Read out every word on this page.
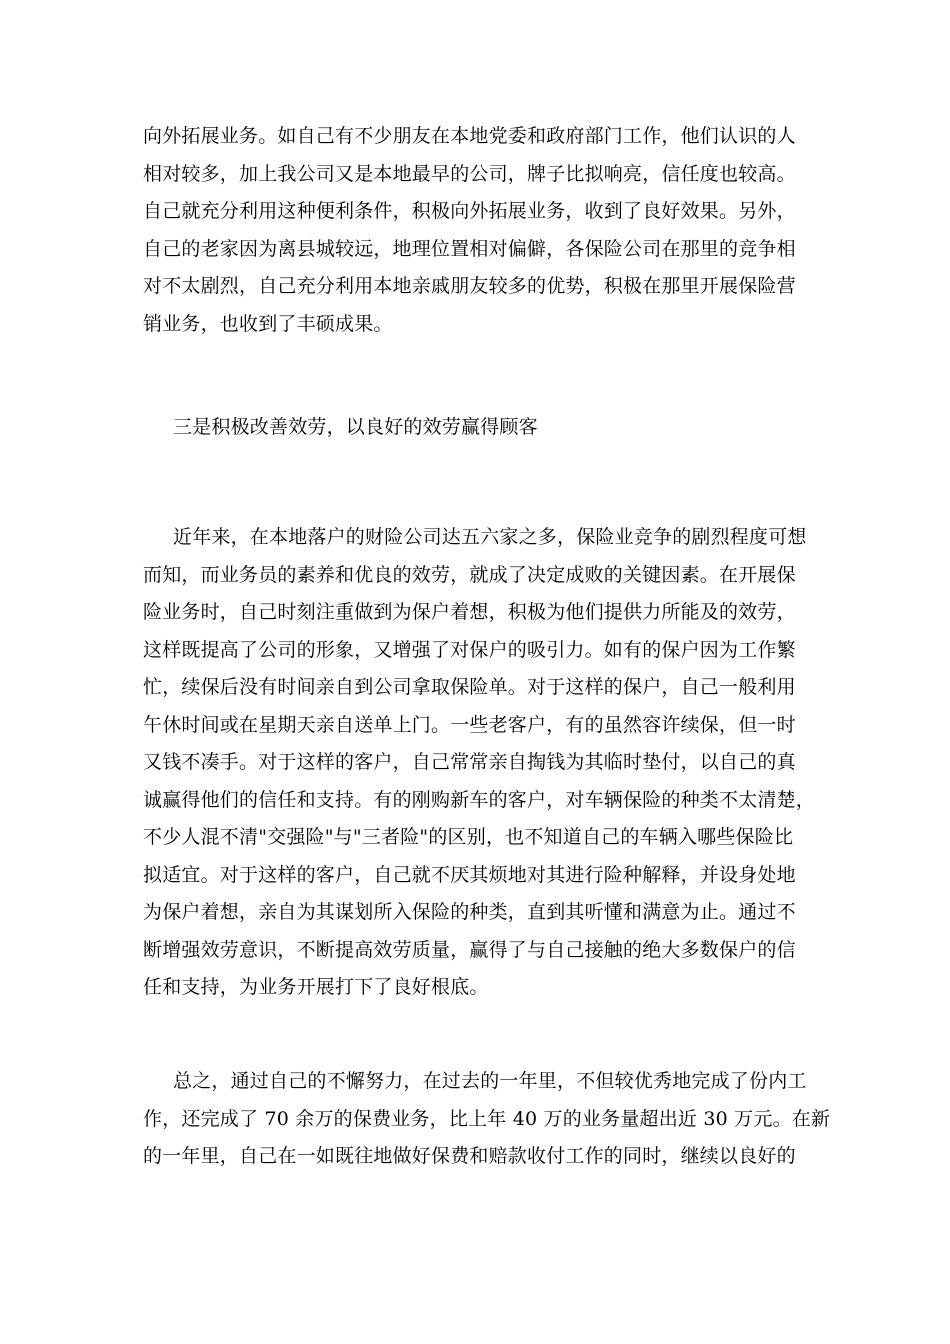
向外拓展业务。如自己有不少朋友在本地党委和政府部门工作，他们认识的人
相对较多，加上我公司又是本地最早的公司，牌子比拟响亮，信任度也较高。
自己就充分利用这种便利条件，积极向外拓展业务，收到了良好效果。另外，
自己的老家因为离县城较远，地理位置相对偏僻，各保险公司在那里的竞争相
对不太剧烈，自己充分利用本地亲戚朋友较多的优势，积极在那里开展保险营
销业务，也收到了丰硕成果。
三是积极改善效劳，以良好的效劳赢得顾客
近年来，在本地落户的财险公司达五六家之多，保险业竞争的剧烈程度可想
而知，而业务员的素养和优良的效劳，就成了决定成败的关键因素。在开展保
险业务时，自己时刻注重做到为保户着想，积极为他们提供力所能及的效劳，
这样既提高了公司的形象，又增强了对保户的吸引力。如有的保户因为工作繁
忙，续保后没有时间亲自到公司拿取保险单。对于这样的保户，自己一般利用
午休时间或在星期天亲自送单上门。一些老客户，有的虽然容许续保，但一时
又钱不凑手。对于这样的客户，自己常常亲自掏钱为其临时垫付，以自己的真
诚赢得他们的信任和支持。有的刚购新车的客户，对车辆保险的种类不太清楚，
不少人混不清"交强险"与"三者险"的区别，也不知道自己的车辆入哪些保险比
拟适宜。对于这样的客户，自己就不厌其烦地对其进行险种解释，并设身处地
为保户着想，亲自为其谋划所入保险的种类，直到其听懂和满意为止。通过不
断增强效劳意识，不断提高效劳质量，赢得了与自己接触的绝大多数保户的信
任和支持，为业务开展打下了良好根底。
总之，通过自己的不懈努力，在过去的一年里，不但较优秀地完成了份内工
作，还完成了 70 余万的保费业务，比上年 40 万的业务量超出近 30 万元。在新
的一年里，自己在一如既往地做好保费和赔款收付工作的同时，继续以良好的
